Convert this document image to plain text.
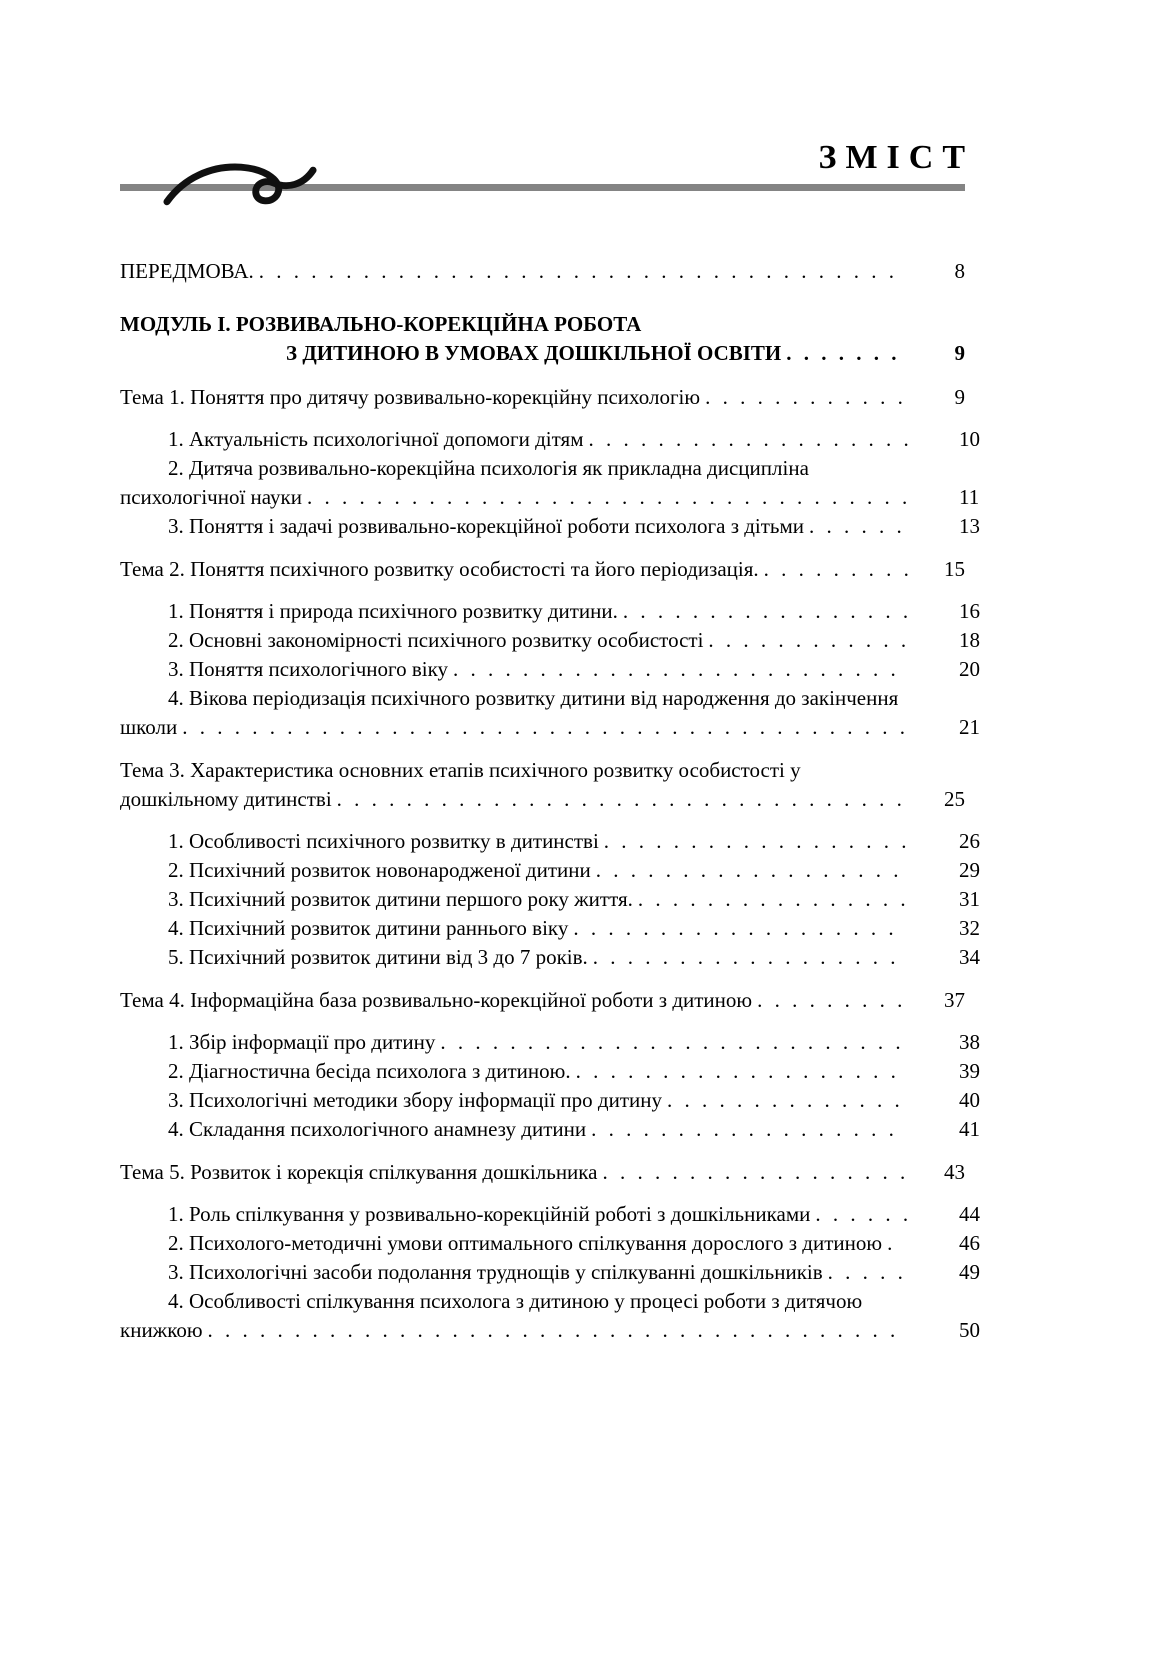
ЗМІСТ
ПЕРЕДМОВА. . . . . . . . . . . . . . . . . . . . . . . . . . . . . . . . . . . . . .	8
МОДУЛЬ І. РОЗВИВАЛЬНО-КОРЕКЦІЙНА РОБОТА
З ДИТИНОЮ В УМОВАХ ДОШКІЛЬНОЇ ОСВІТИ . . . . . . .	9
Тема 1. Поняття про дитячу розвивально-корекційну психологію . . . . . . . . . . . .	9
1. Актуальність психологічної допомоги дітям . . . . . . . . . . . . . . . . . . .	10
2. Дитяча розвивально-корекційна психологія як прикладна дисципліна психологічної науки . . . . . . . . . . . . . . . . . . . . . . . . . . . . . . . . . . .	11
3. Поняття і задачі розвивально-корекційної роботи психолога з дітьми . . . . . .	13
Тема 2. Поняття психічного розвитку особистості та його періодизація. . . . . . . . . .	15
1. Поняття і природа психічного розвитку дитини. . . . . . . . . . . . . . . . . .	16
2. Основні закономірності психічного розвитку особистості . . . . . . . . . . . .	18
3. Поняття психологічного віку . . . . . . . . . . . . . . . . . . . . . . . . . .	20
4. Вікова періодизація психічного розвитку дитини від народження до закінчення школи . . . . . . . . . . . . . . . . . . . . . . . . . . . . . . . . . . . . . . . . . .	21
Тема 3. Характеристика основних етапів психічного розвитку особистості у дошкільному дитинстві . . . . . . . . . . . . . . . . . . . . . . . . . . . . . . . . .	25
1. Особливості психічного розвитку в дитинстві . . . . . . . . . . . . . . . . . .	26
2. Психічний розвиток новонародженої дитини . . . . . . . . . . . . . . . . . .	29
3. Психічний розвиток дитини першого року життя. . . . . . . . . . . . . . . . .	31
4. Психічний розвиток дитини раннього віку . . . . . . . . . . . . . . . . . . .	32
5. Психічний розвиток дитини від 3 до 7 років. . . . . . . . . . . . . . . . . . .	34
Тема 4. Інформаційна база розвивально-корекційної роботи з дитиною . . . . . . . . .	37
1. Збір інформації про дитину . . . . . . . . . . . . . . . . . . . . . . . . . . .	38
2. Діагностична бесіда психолога з дитиною. . . . . . . . . . . . . . . . . . . .	39
3. Психологічні методики збору інформації про дитину . . . . . . . . . . . . . .	40
4. Складання психологічного анамнезу дитини . . . . . . . . . . . . . . . . . .	41
Тема 5. Розвиток і корекція спілкування дошкільника . . . . . . . . . . . . . . . . . .	43
1. Роль спілкування у розвивально-корекційній роботі з дошкільниками . . . . . .	44
2. Психолого-методичні умови оптимального спілкування дорослого з дитиною .	46
3. Психологічні засоби подолання труднощів у спілкуванні дошкільників . . . . .	49
4. Особливості спілкування психолога з дитиною у процесі роботи з дитячою книжкою . . . . . . . . . . . . . . . . . . . . . . . . . . . . . . . . . . . . . . . .	50
